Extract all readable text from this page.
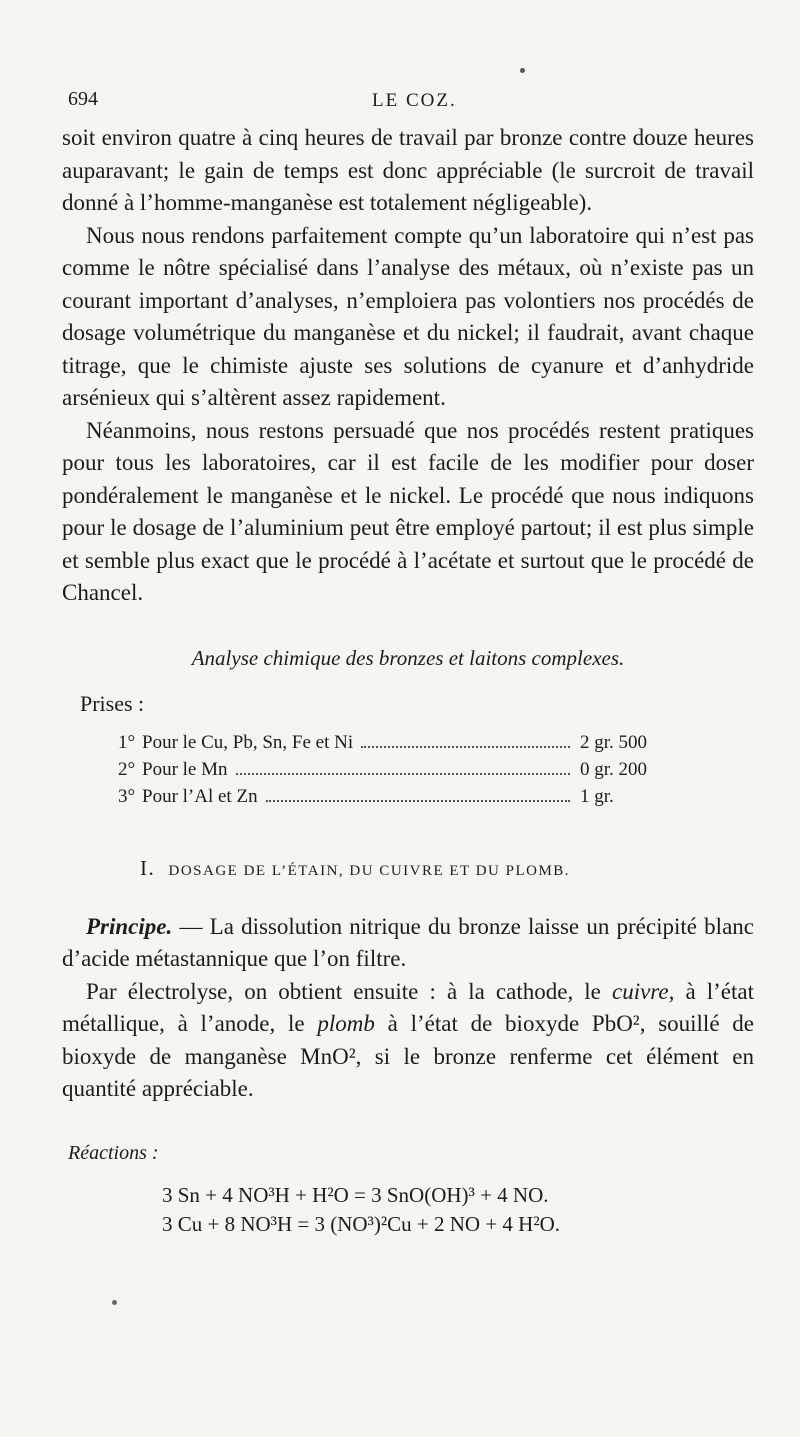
694	LE COZ.

soit environ quatre à cinq heures de travail par bronze contre douze heures auparavant; le gain de temps est donc appréciable (le surcroit de travail donné à l’homme-manganèse est totalement négligeable).

Nous nous rendons parfaitement compte qu’un laboratoire qui n’est pas comme le nôtre spécialisé dans l’analyse des métaux, où n’existe pas un courant important d’analyses, n’emploiera pas volontiers nos procédés de dosage volumétrique du manganèse et du nickel; il faudrait, avant chaque titrage, que le chimiste ajuste ses solutions de cyanure et d’anhydride arsénieux qui s’altèrent assez rapidement.

Néanmoins, nous restons persuadé que nos procédés restent pratiques pour tous les laboratoires, car il est facile de les modifier pour doser pondéralement le manganèse et le nickel. Le procédé que nous indiquons pour le dosage de l’aluminium peut être employé partout; il est plus simple et semble plus exact que le procédé à l’acétate et surtout que le procédé de Chancel.

Analyse chimique des bronzes et laitons complexes.
Prises :
1° Pour le Cu, Pb, Sn, Fe et Ni	2 gr. 500
2° Pour le Mn	0 gr. 200
3° Pour l’Al et Zn	1 gr.
I. DOSAGE DE L’ÉTAIN, DU CUIVRE ET DU PLOMB.

Principe. — La dissolution nitrique du bronze laisse un précipité blanc d’acide métastannique que l’on filtre.

Par électrolyse, on obtient ensuite : à la cathode, le cuivre, à l’état métallique, à l’anode, le plomb à l’état de bioxyde PbO², souillé de bioxyde de manganèse MnO², si le bronze renferme cet élément en quantité appréciable.

Réactions :
3 Sn + 4 NO³H + H²O = 3 SnO(OH)³ + 4 NO.
3 Cu + 8 NO³H = 3 (NO³)²Cu + 2 NO + 4 H²O.
